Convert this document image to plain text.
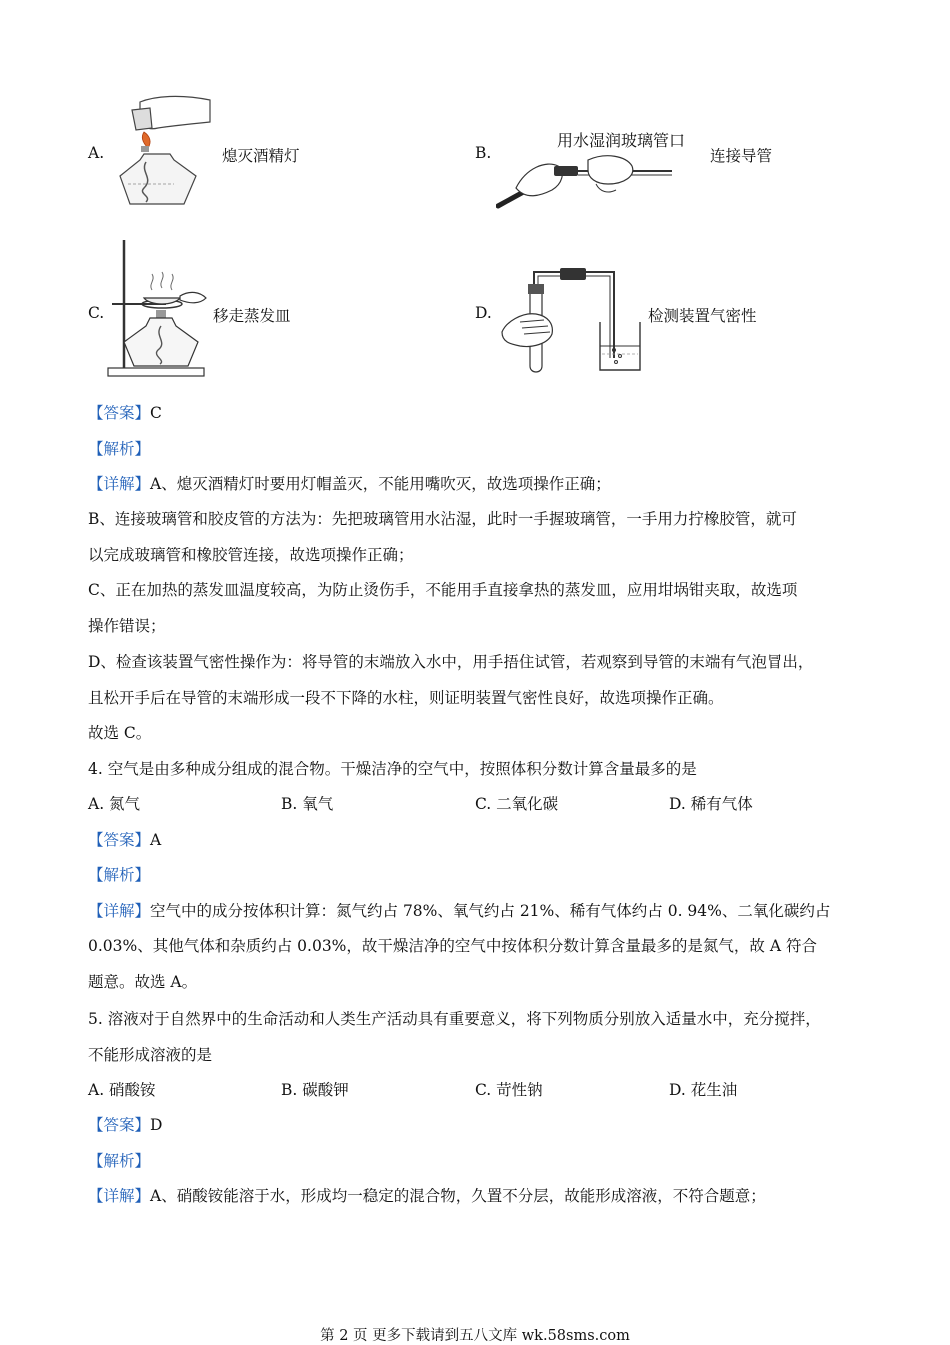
A.	熄灭酒精灯	B.
用水湿润玻璃管口
连接导管
C.	移走蒸发皿	D.	检测装置气密性
【答案】C
【解析】
【详解】A、熄灭酒精灯时要用灯帽盖灭，不能用嘴吹灭，故选项操作正确；
B、连接玻璃管和胶皮管的方法为：先把玻璃管用水沾湿，此时一手握玻璃管，一手用力拧橡胶管，就可
以完成玻璃管和橡胶管连接，故选项操作正确；
C、正在加热的蒸发皿温度较高，为防止烫伤手，不能用手直接拿热的蒸发皿，应用坩埚钳夹取，故选项
操作错误；
D、检查该装置气密性操作为：将导管的末端放入水中，用手捂住试管，若观察到导管的末端有气泡冒出，
且松开手后在导管的末端形成一段不下降的水柱，则证明装置气密性良好，故选项操作正确。
故选 C。
4. 空气是由多种成分组成的混合物。干燥洁净的空气中，按照体积分数计算含量最多的是
A. 氮气	B. 氧气	C. 二氧化碳	D. 稀有气体
【答案】A
【解析】
【详解】空气中的成分按体积计算：氮气约占 78%、氧气约占 21%、稀有气体约占 0. 94%、二氧化碳约占
0.03%、其他气体和杂质约占 0.03%，故干燥洁净的空气中按体积分数计算含量最多的是氮气，故 A 符合
题意。故选 A。
5. 溶液对于自然界中的生命活动和人类生产活动具有重要意义，将下列物质分别放入适量水中，充分搅拌，
不能形成溶液的是
A. 硝酸铵	B. 碳酸钾	C. 苛性钠	D. 花生油
【答案】D
【解析】
【详解】A、硝酸铵能溶于水，形成均一稳定的混合物，久置不分层，故能形成溶液，不符合题意；
第 2 页 更多下载请到五八文库 wk.58sms.com
